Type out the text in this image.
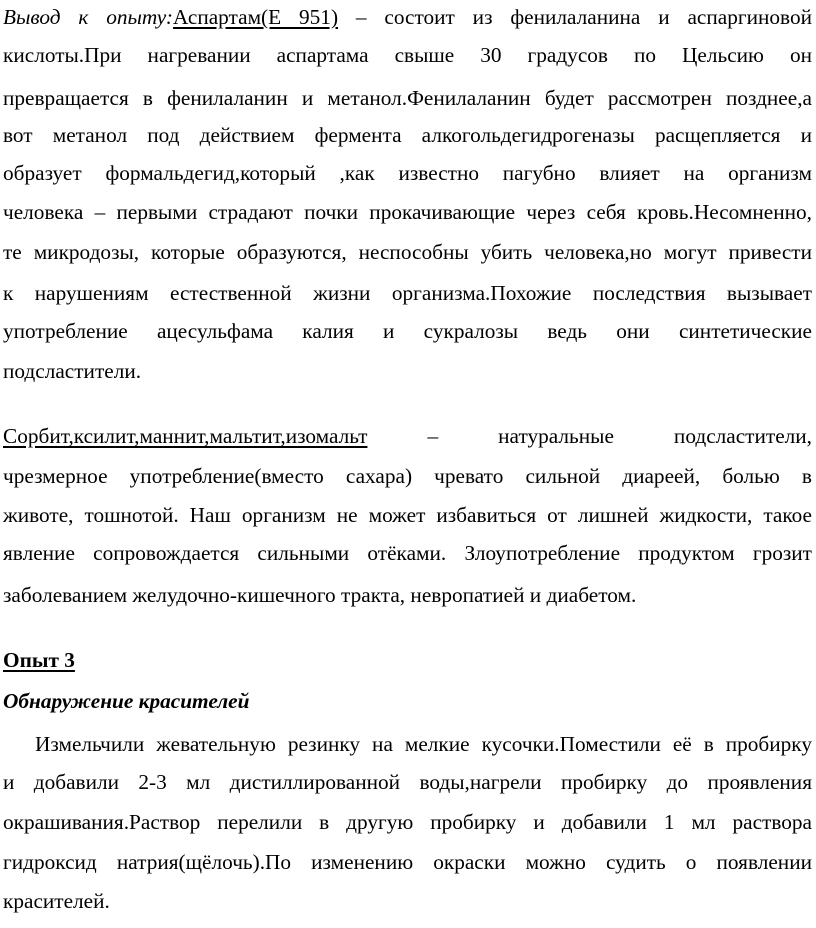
Вывод к опыту:Аспартам(Е 951) – состоит из фенилаланина и аспаргиновой
кислоты.При нагревании аспартама свыше 30 градусов по Цельсию он
превращается в фенилаланин и метанол.Фенилаланин будет рассмотрен позднее,а
вот метанол под действием фермента алкогольдегидрогеназы расщепляется и
образует формальдегид,который ,как известно пагубно влияет на организм
человека – первыми страдают почки прокачивающие через себя кровь.Несомненно,
те микродозы, которые образуются, неспособны убить человека,но могут привести
к нарушениям естественной жизни организма.Похожие последствия вызывает
употребление ацесульфама калия и сукралозы ведь они синтетические
подсластители.
Сорбит,ксилит,маннит,мальтит,изомальт – натуральные подсластители,
чрезмерное употребление(вместо сахара) чревато сильной диареей, болью в
животе, тошнотой. Наш организм не может избавиться от лишней жидкости, такое
явление сопровождается сильными отёками. Злоупотребление продуктом грозит
заболеванием желудочно-кишечного тракта, невропатией и диабетом.
Опыт 3
Обнаружение красителей
Измельчили жевательную резинку на мелкие кусочки.Поместили её в пробирку
и добавили 2-3 мл дистиллированной воды,нагрели пробирку до проявления
окрашивания.Раствор перелили в другую пробирку и добавили 1 мл раствора
гидроксид натрия(щёлочь).По изменению окраски можно судить о появлении
красителей.
